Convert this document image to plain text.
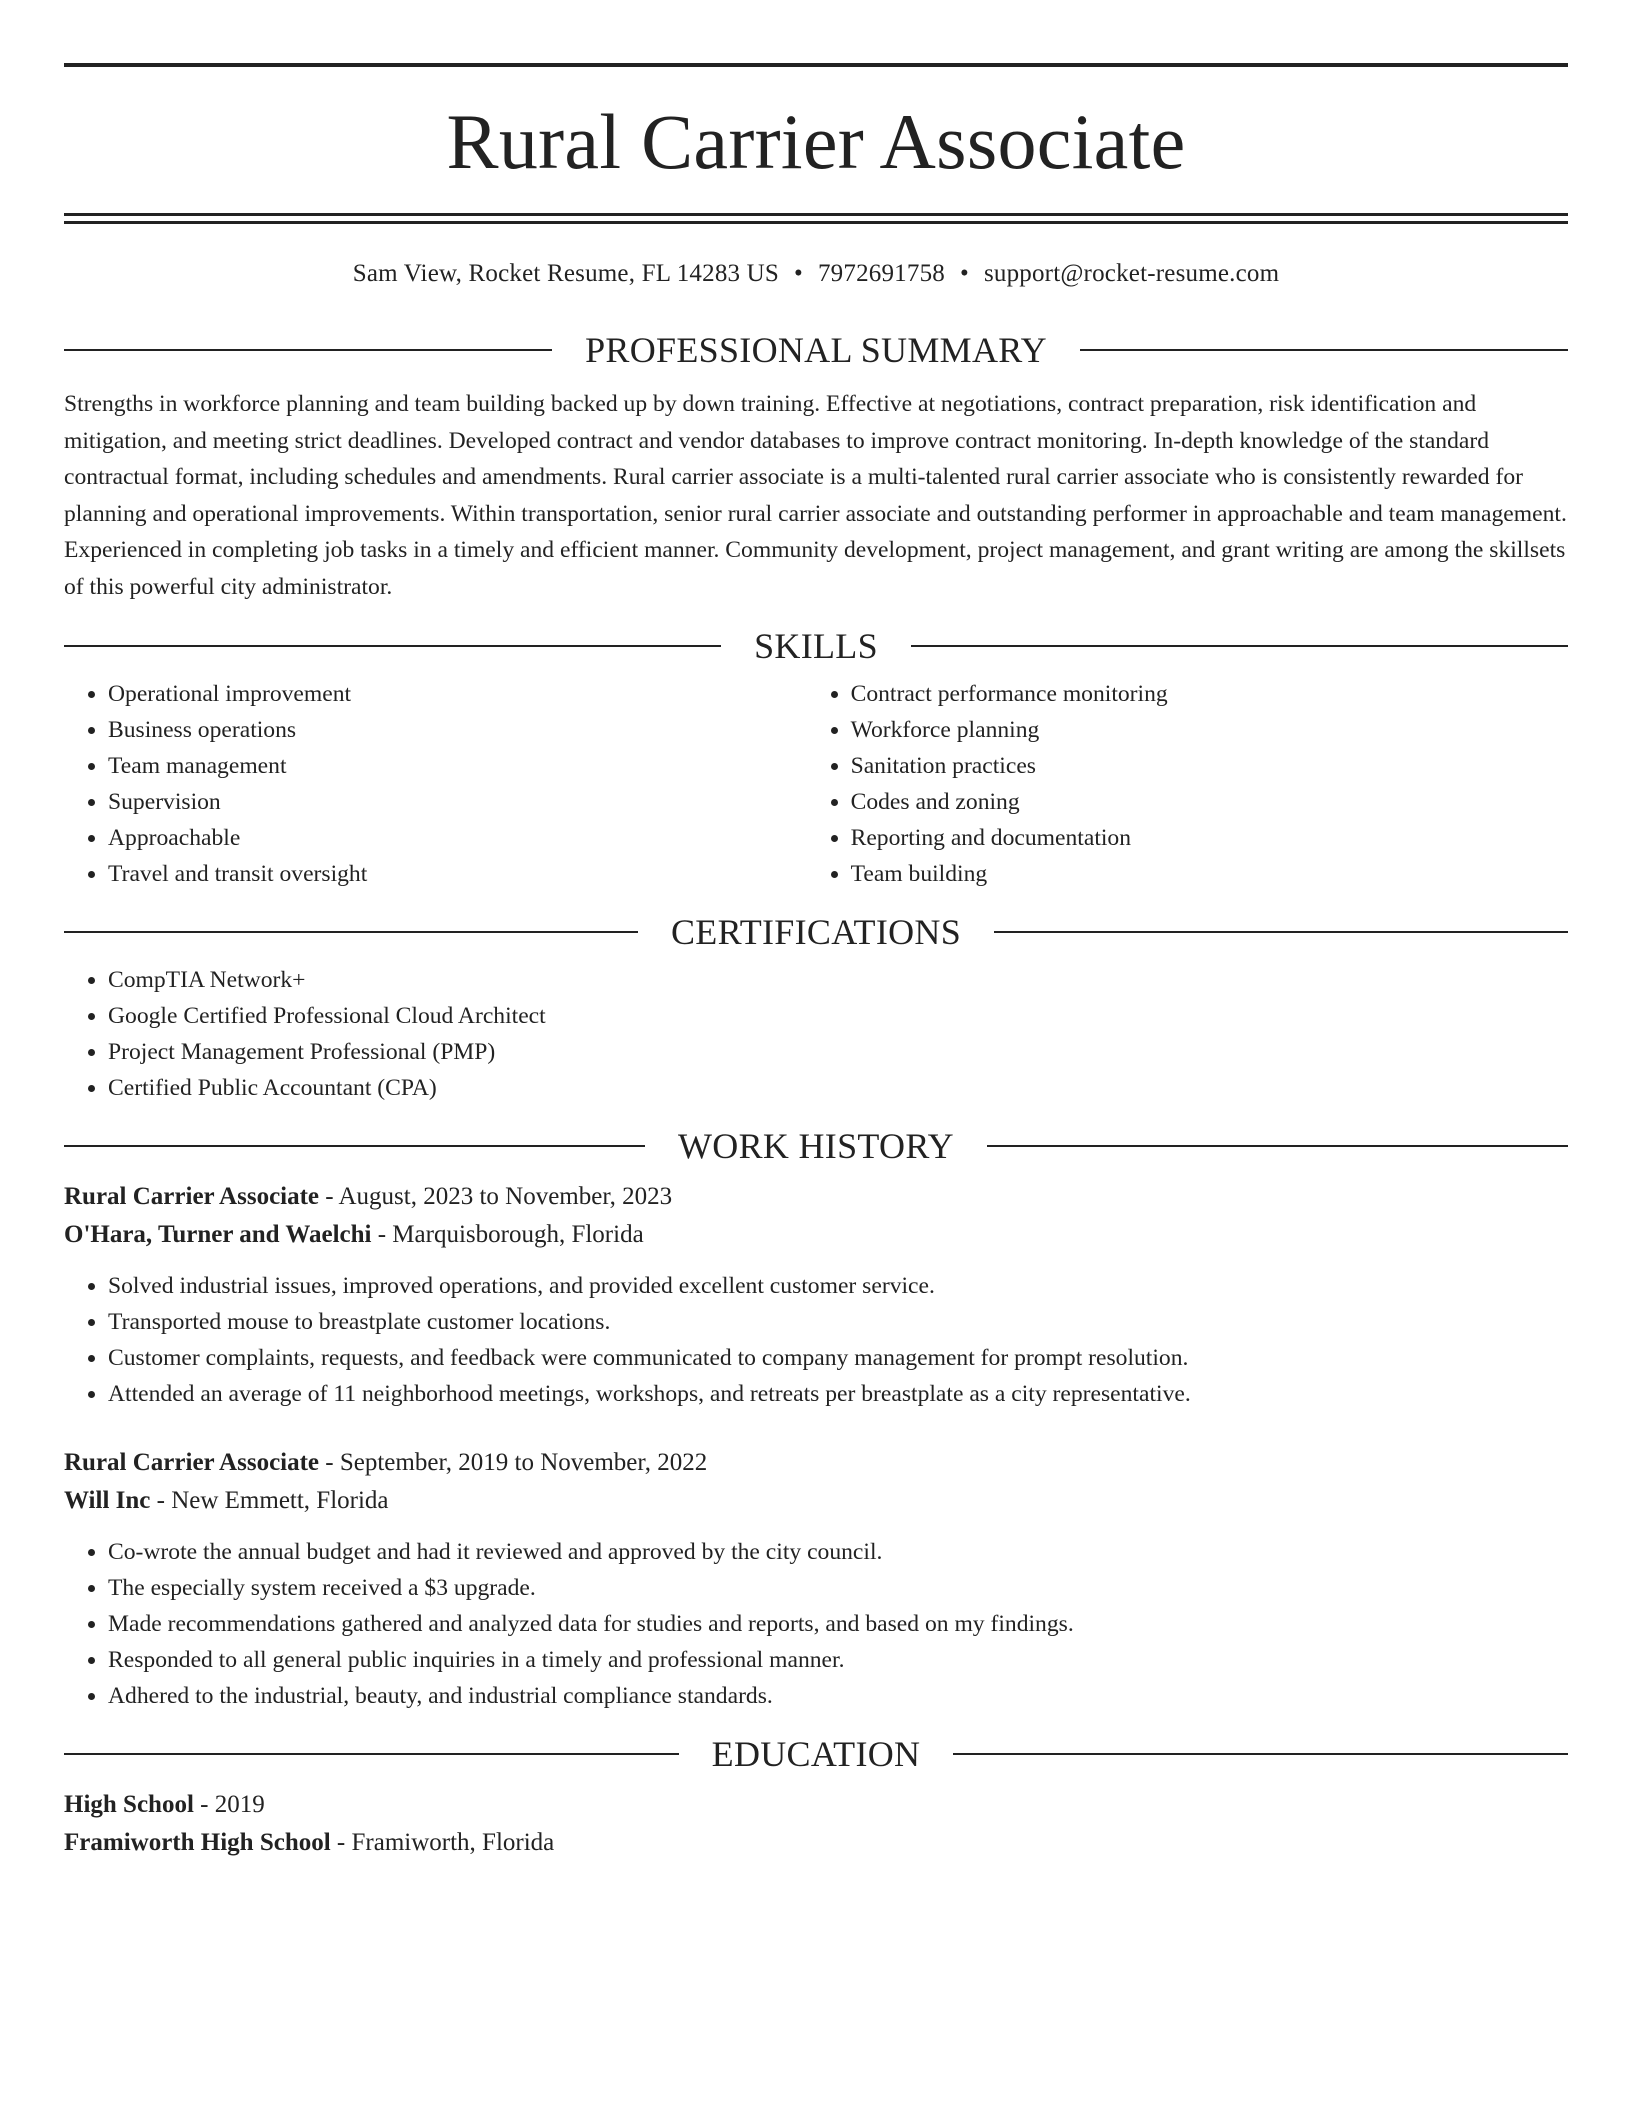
Rural Carrier Associate
Sam View, Rocket Resume, FL 14283 US • 7972691758 • support@rocket-resume.com
PROFESSIONAL SUMMARY
Strengths in workforce planning and team building backed up by down training. Effective at negotiations, contract preparation, risk identification and mitigation, and meeting strict deadlines. Developed contract and vendor databases to improve contract monitoring. In-depth knowledge of the standard contractual format, including schedules and amendments. Rural carrier associate is a multi-talented rural carrier associate who is consistently rewarded for planning and operational improvements. Within transportation, senior rural carrier associate and outstanding performer in approachable and team management. Experienced in completing job tasks in a timely and efficient manner. Community development, project management, and grant writing are among the skillsets of this powerful city administrator.
SKILLS
• Operational improvement
• Business operations
• Team management
• Supervision
• Approachable
• Travel and transit oversight
• Contract performance monitoring
• Workforce planning
• Sanitation practices
• Codes and zoning
• Reporting and documentation
• Team building
CERTIFICATIONS
• CompTIA Network+
• Google Certified Professional Cloud Architect
• Project Management Professional (PMP)
• Certified Public Accountant (CPA)
WORK HISTORY
Rural Carrier Associate - August, 2023 to November, 2023
O'Hara, Turner and Waelchi - Marquisborough, Florida
• Solved industrial issues, improved operations, and provided excellent customer service.
• Transported mouse to breastplate customer locations.
• Customer complaints, requests, and feedback were communicated to company management for prompt resolution.
• Attended an average of 11 neighborhood meetings, workshops, and retreats per breastplate as a city representative.
Rural Carrier Associate - September, 2019 to November, 2022
Will Inc - New Emmett, Florida
• Co-wrote the annual budget and had it reviewed and approved by the city council.
• The especially system received a $3 upgrade.
• Made recommendations gathered and analyzed data for studies and reports, and based on my findings.
• Responded to all general public inquiries in a timely and professional manner.
• Adhered to the industrial, beauty, and industrial compliance standards.
EDUCATION
High School - 2019
Framiworth High School - Framiworth, Florida
